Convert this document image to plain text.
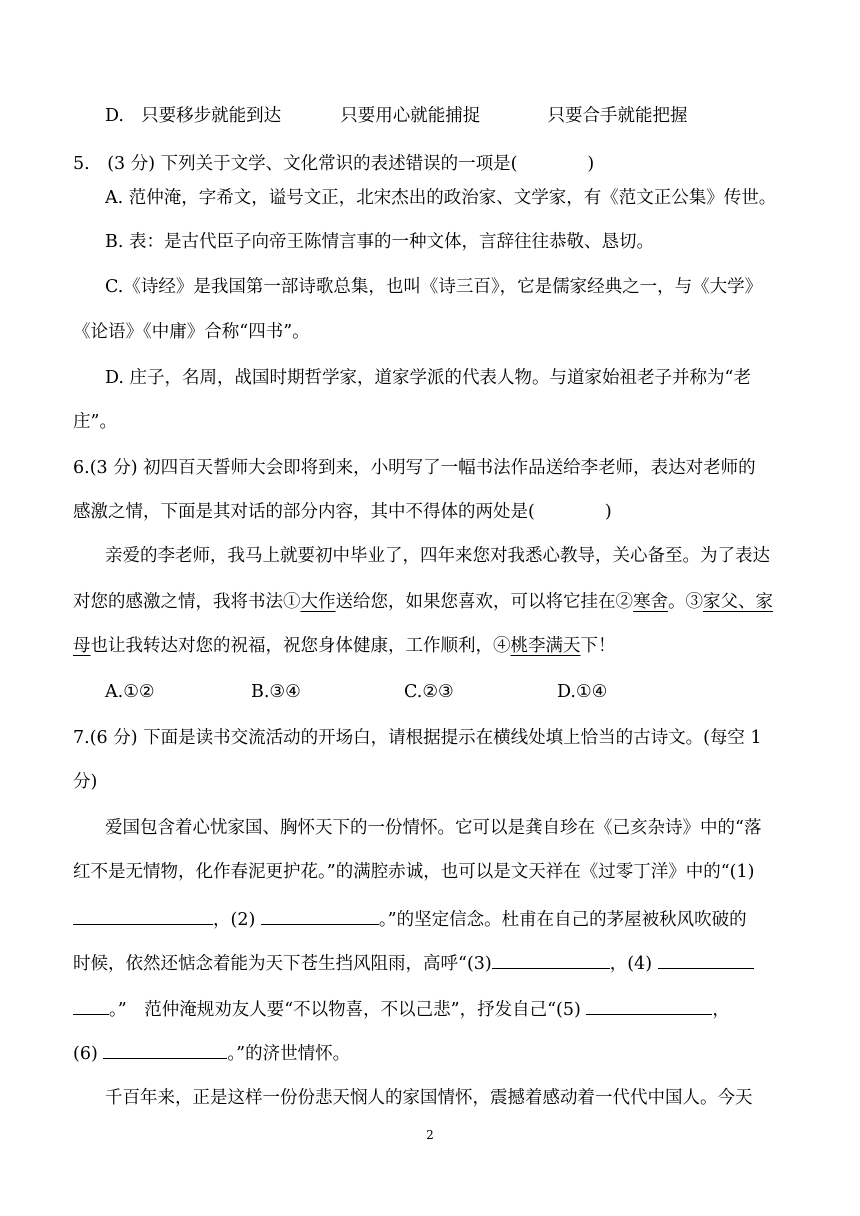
D. 只要移步就能到达	只要用心就能捕捉	只要合手就能把握
5.　(3 分) 下列关于文学、文化常识的表述错误的一项是(　　　　)
A. 范仲淹，字希文，谥号文正，北宋杰出的政治家、文学家，有《范文正公集》传世。
B. 表：是古代臣子向帝王陈情言事的一种文体，言辞往往恭敬、恳切。
C.《诗经》是我国第一部诗歌总集，也叫《诗三百》，它是儒家经典之一，与《大学》
《论语》《中庸》合称“四书”。
D. 庄子，名周，战国时期哲学家，道家学派的代表人物。与道家始祖老子并称为“老
庄”。
6.(3 分) 初四百天誓师大会即将到来，小明写了一幅书法作品送给李老师，表达对老师的
感激之情，下面是其对话的部分内容，其中不得体的两处是(　　　　)
亲爱的李老师，我马上就要初中毕业了，四年来您对我悉心教导，关心备至。为了表达
对您的感激之情，我将书法①大作送给您，如果您喜欢，可以将它挂在②寒舍。③家父、家
母也让我转达对您的祝福，祝您身体健康，工作顺利，④桃李满天下！
A.①②	B.③④	C.②③	D.①④
7.(6 分) 下面是读书交流活动的开场白，请根据提示在横线处填上恰当的古诗文。(每空 1
分)
爱国包含着心忧家国、胸怀天下的一份情怀。它可以是龚自珍在《己亥杂诗》中的“落
红不是无情物，化作春泥更护花。”的满腔赤诚，也可以是文天祥在《过零丁洋》中的“(1)
，(2)	。”的坚定信念。杜甫在自己的茅屋被秋风吹破的
时候，依然还惦念着能为天下苍生挡风阻雨，高呼“(3)	，(4)
。”　范仲淹规劝友人要“不以物喜，不以己悲”，抒发自己“(5)	，
(6)	。”的济世情怀。
千百年来，正是这样一份份悲天悯人的家国情怀，震撼着感动着一代代中国人。今天
2
